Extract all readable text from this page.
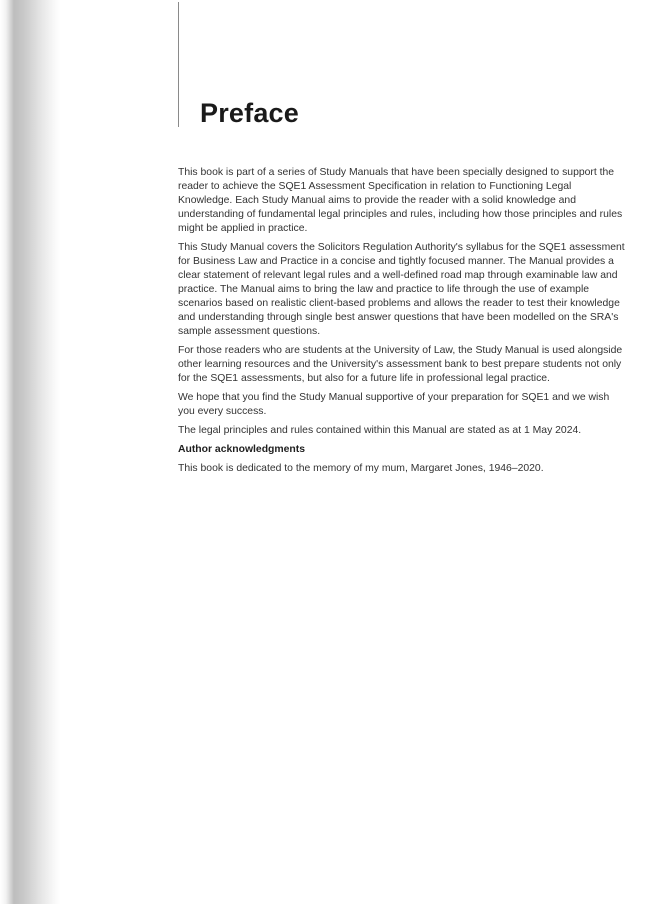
Preface

This book is part of a series of Study Manuals that have been specially designed to support the reader to achieve the SQE1 Assessment Specification in relation to Functioning Legal Knowledge. Each Study Manual aims to provide the reader with a solid knowledge and understanding of fundamental legal principles and rules, including how those principles and rules might be applied in practice.

This Study Manual covers the Solicitors Regulation Authority's syllabus for the SQE1 assessment for Business Law and Practice in a concise and tightly focused manner. The Manual provides a clear statement of relevant legal rules and a well-defined road map through examinable law and practice. The Manual aims to bring the law and practice to life through the use of example scenarios based on realistic client-based problems and allows the reader to test their knowledge and understanding through single best answer questions that have been modelled on the SRA's sample assessment questions.

For those readers who are students at the University of Law, the Study Manual is used alongside other learning resources and the University's assessment bank to best prepare students not only for the SQE1 assessments, but also for a future life in professional legal practice.

We hope that you find the Study Manual supportive of your preparation for SQE1 and we wish you every success.

The legal principles and rules contained within this Manual are stated as at 1 May 2024.

Author acknowledgments

This book is dedicated to the memory of my mum, Margaret Jones, 1946–2020.
